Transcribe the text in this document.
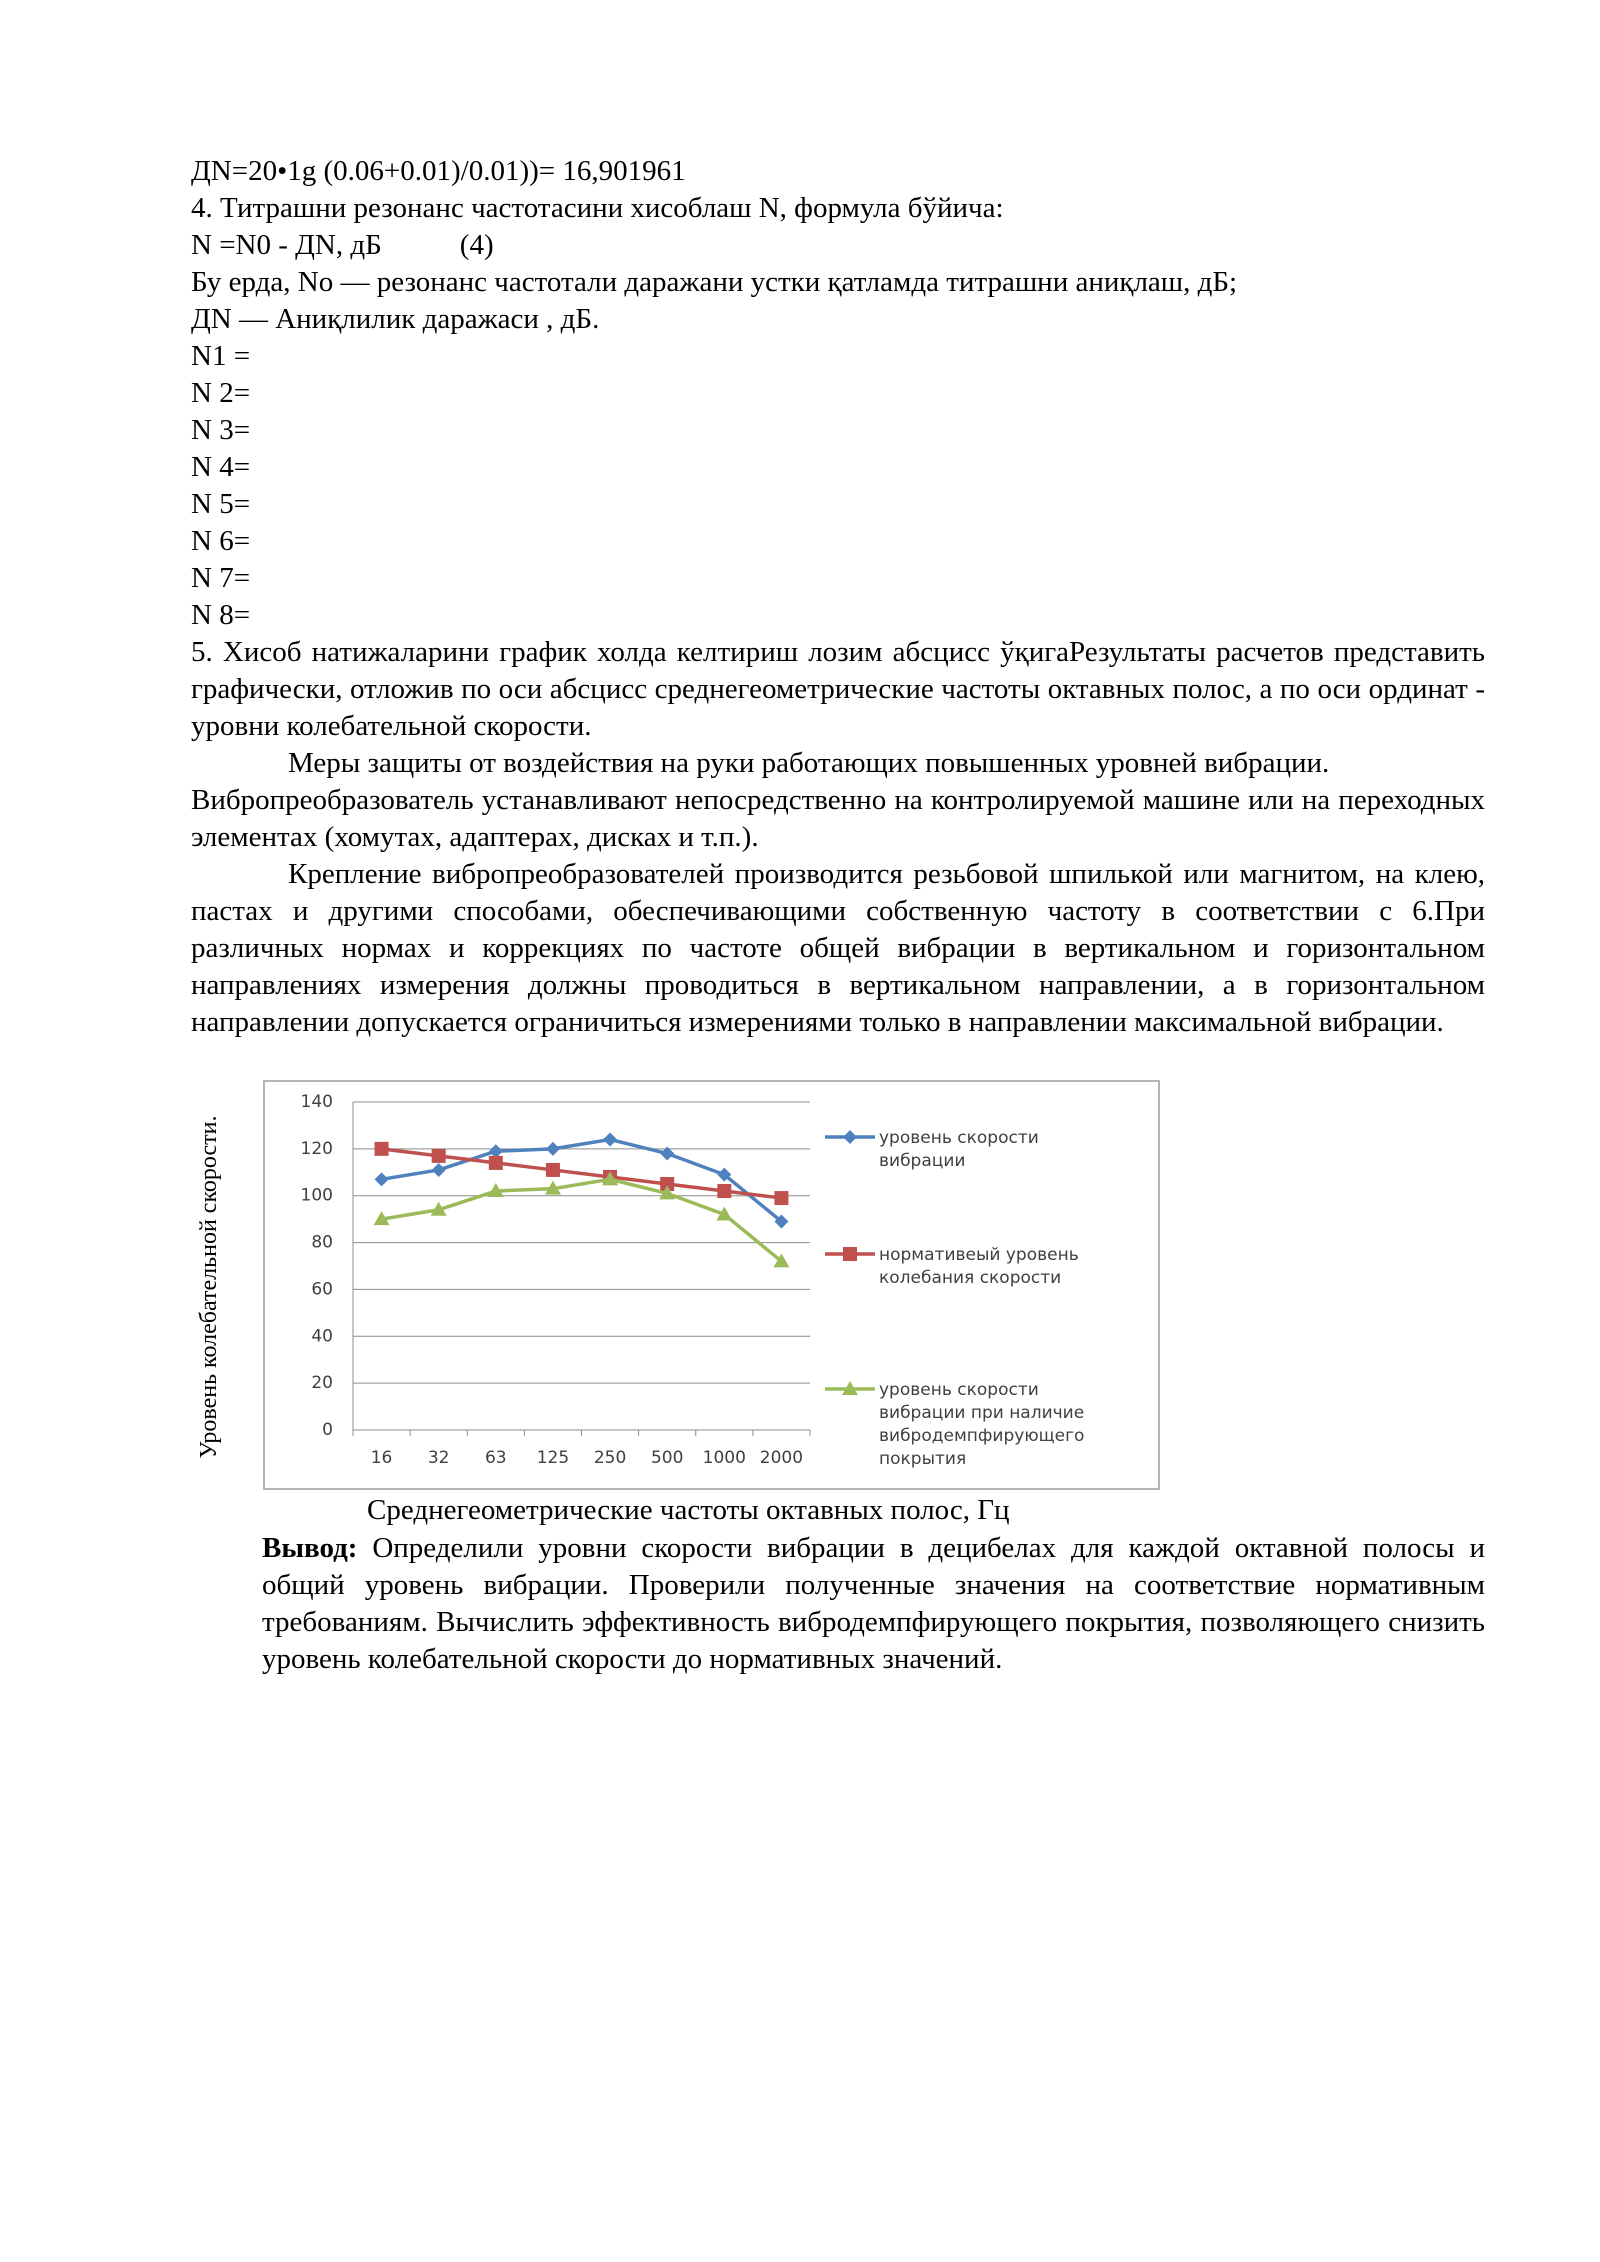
ДN=20•1g (0.06+0.01)/0.01))= 16,901961
4. Титрашни резонанс частотасини хисоблаш N, формула бўйича:
N =N0 - ДN, дБ	(4)
Бу ерда, No — резонанс частотали даражани устки қатламда титрашни аниқлаш, дБ;
ДN — Аниқлилик даражаси , дБ.
N1 =
N 2=
N 3=
N 4=
N 5=
N 6=
N 7=
N 8=
5. Хисоб натижаларини график холда келтириш лозим абсцисс ўқигаРезультаты расчетов представить графически, отложив по оси абсцисс среднегеометрические частоты октавных полос, а по оси ординат - уровни колебательной скорости.
Меры защиты от воздействия на руки работающих повышенных уровней вибрации.
Вибропреобразователь устанавливают непосредственно на контролируемой машине или на переходных элементах (хомутах, адаптерах, дисках и т.п.).
Крепление вибропреобразователей производится резьбовой шпилькой или магнитом, на клею, пастах и другими способами, обеспечивающими собственную частоту в соответствии с 6.При различных нормах и коррекциях по частоте общей вибрации в вертикальном и горизонтальном направлениях измерения должны проводиться в вертикальном направлении, а в горизонтальном направлении допускается ограничиться измерениями только в направлении максимальной вибрации.
Уровень колебательной скорости.	0
20
40
60
80
100
120
140
16 32 63 125 250 500 1000 2000
уровень скорости
вибрации
нормативеый уровень
колебания скорости
уровень скорости
вибрации при наличие
вибродемпфирующего
покрытия
Среднегеометрические частоты октавных полос, Гц
Вывод: Определили уровни скорости вибрации в децибелах для каждой октавной полосы и общий уровень вибрации. Проверили полученные значения на соответствие нормативным требованиям. Вычислить эффективность вибродемпфирующего покрытия, позволяющего снизить уровень колебательной скорости до нормативных значений.
